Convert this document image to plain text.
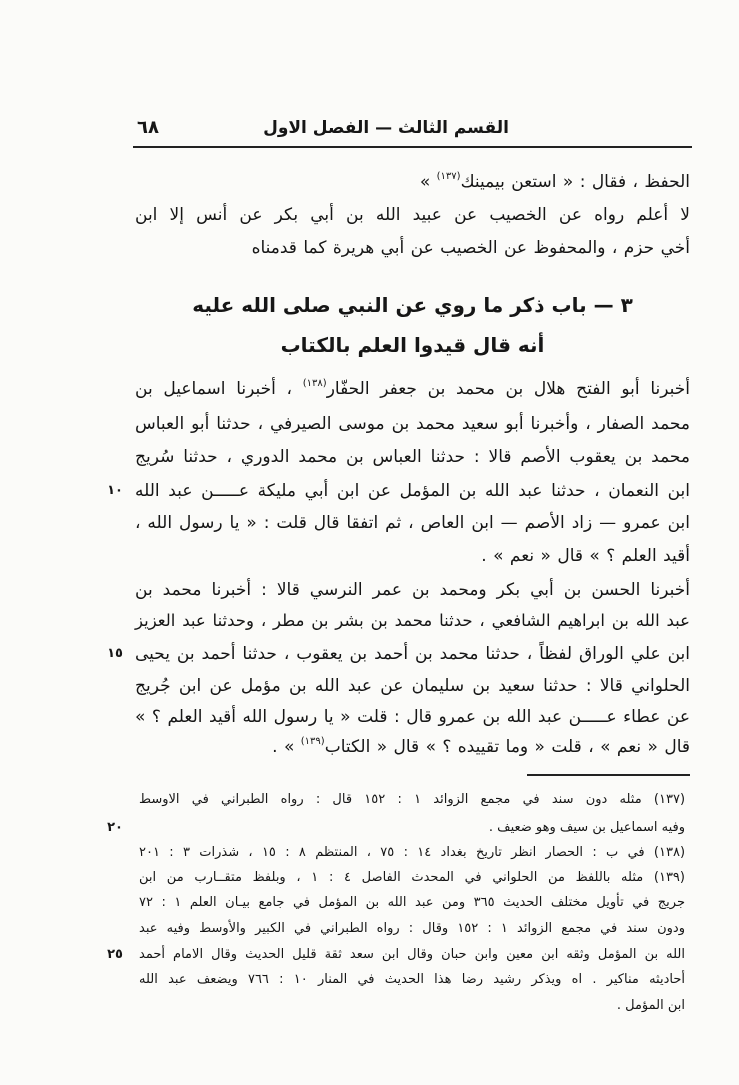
٦٨	القسم الثالث — الفصل الاول
الحفظ ، فقال : « استعن بيمينك$^{(١٣٧)}$ »
لا أعلم رواه عن الخصيب عن عبيد الله بن أبي بكر عن أنس إلا ابن
أخي حزم ، والمحفوظ عن الخصيب عن أبي هريرة كما قدمناه
٣ — باب ذكر ما روي عن النبي صلى الله عليه
أنه قال قيدوا العلم بالكتاب
أخبرنا أبو الفتح هلال بن محمد بن جعفر الحفّار$^{(١٣٨)}$ ، أخبرنا اسماعيل بن
محمد الصفار ، وأخبرنا أبو سعيد محمد بن موسى الصيرفي ، حدثنا أبو العباس
محمد بن يعقوب الأصم قالا : حدثنا العباس بن محمد الدوري ، حدثنا سُريج
ابن النعمان ، حدثنا عبد الله بن المؤمل عن ابن أبي مليكة عـــــن عبد الله
ابن عمرو — زاد الأصم — ابن العاص ، ثم اتفقا قال قلت : « يا رسول الله ،
أقيد العلم ؟ » قال « نعم » .
أخبرنا الحسن بن أبي بكر ومحمد بن عمر النرسي قالا : أخبرنا محمد بن
عبد الله بن ابراهيم الشافعي ، حدثنا محمد بن بشر بن مطر ، وحدثنا عبد العزيز
ابن علي الوراق لفظاً ، حدثنا محمد بن أحمد بن يعقوب ، حدثنا أحمد بن يحيى
الحلواني قالا : حدثنا سعيد بن سليمان عن عبد الله بن مؤمل عن ابن جُريج
عن عطاء عـــــن عبد الله بن عمرو قال : قلت « يا رسول الله أقيد العلم ؟ »
قال « نعم » ، قلت « وما تقييده ؟ » قال « الكتاب$^{(١٣٩)}$ » .
(١٣٧) مثله دون سند في مجمع الزوائد ١ : ١٥٢ قال : رواه الطبراني في الاوسط
وفيه اسماعيل بن سيف وهو ضعيف .
(١٣٨) في ب : الحصار انظر تاريخ بغداد ١٤ : ٧٥ ، المنتظم ٨ : ١٥ ، شذرات ٣ : ٢٠١
(١٣٩) مثله باللفظ من الحلواني في المحدث الفاصل ٤ : ١ ، وبلفظ متقــارب من ابن
جريج في تأويل مختلف الحديث ٣٦٥ ومن عبد الله بن المؤمل في جامع بيـان العلم ١ : ٧٢
ودون سند في مجمع الزوائد ١ : ١٥٢ وقال : رواه الطبراني في الكبير والأوسط وفيه عبد
الله بن المؤمل وثقه ابن معين وابن حبان وقال ابن سعد ثقة قليل الحديث وقال الامام أحمد
أحاديثه مناكير . اه ويذكر رشيد رضا هذا الحديث في المنار ١٠ : ٧٦٦ ويضعف عبد الله
ابن المؤمل .
١٠
١٥
٢٠
٢٥
